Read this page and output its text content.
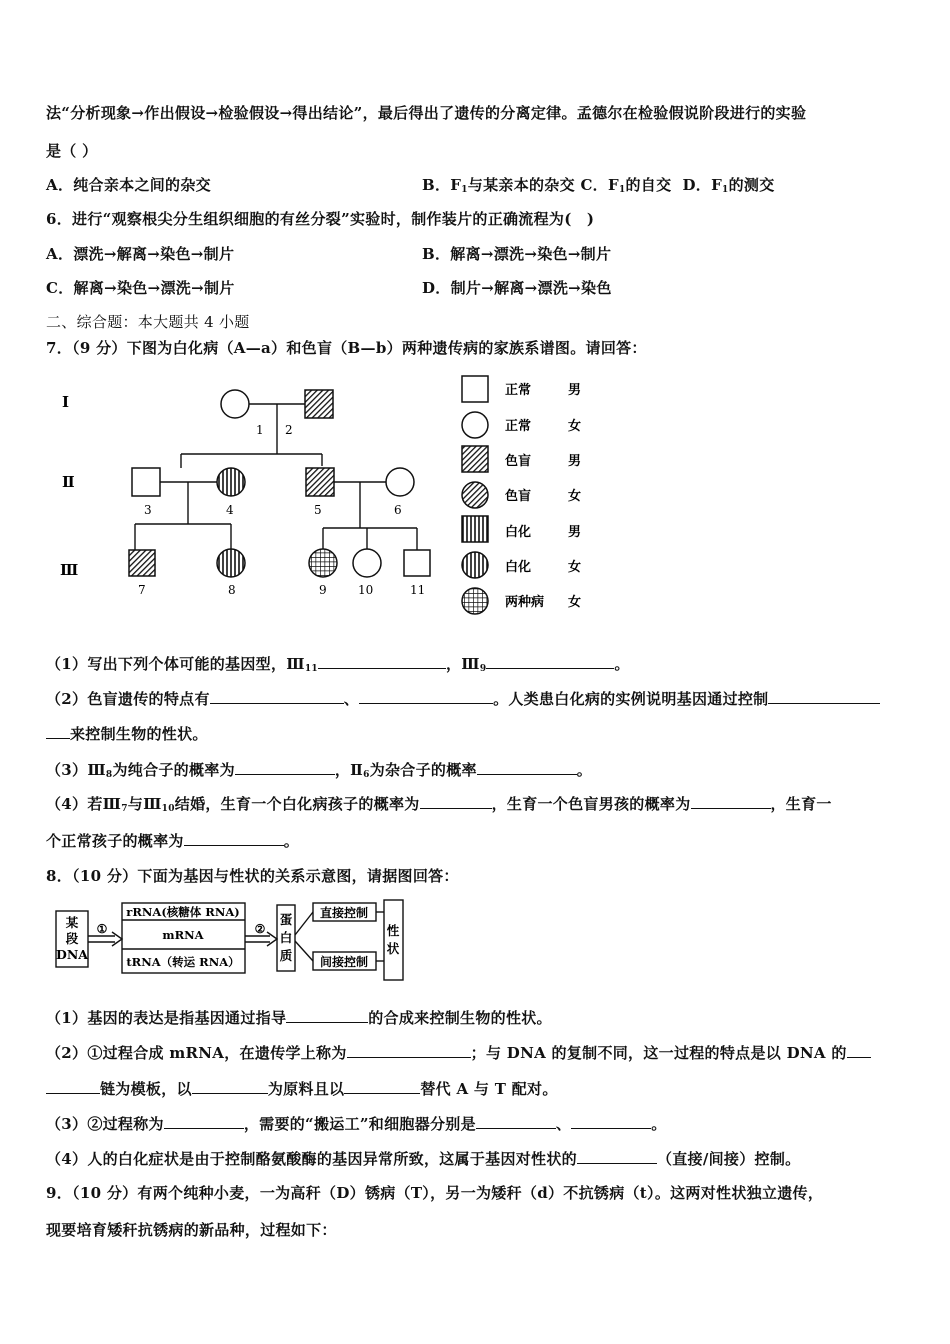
法“分析现象→作出假设→检验假设→得出结论”，最后得出了遗传的分离定律。孟德尔在检验假说阶段进行的实验
是（ ）
A．纯合亲本之间的杂交	B．$F_1$与某亲本的杂交 C．$F_1$的自交 D．$F_1$的测交
6．进行“观察根尖分生组织细胞的有丝分裂”实验时，制作装片的正确流程为(　)
A．漂洗→解离→染色→制片	B．解离→漂洗→染色→制片
C．解离→染色→漂洗→制片	D．制片→解离→漂洗→染色
二、综合题：本大题共 4 小题
7．（9 分）下图为白化病（A—a）和色盲（B—b）两种遗传病的家族系谱图。请回答：
I
Ⅱ
Ⅲ
1 2
3	4	5	6
7	8	9	10	11
正常	男
正常	女
色盲	男
色盲	女
白化	男
白化	女
两种病 女
（1）写出下列个体可能的基因型，$Ⅲ_{11}$	，$Ⅲ_9$	。
（2）色盲遗传的特点有	、	。人类患白化病的实例说明基因通过控制
来控制生物的性状。
$(3)Ⅲ_8$为纯合子的概率为	，$Ⅱ_6$为杂合子的概率	。
（4）若$Ⅲ_7$与$Ⅲ_{10}$结婚，生育一个白化病孩子的概率为	，生育一个色盲男孩的概率为	，生育一
个正常孩子的概率为	。
8．（10 分）下面为基因与性状的关系示意图，请据图回答：
某
段
DNA
①
rRNA(核糖体 RNA)
mRNA
tRNA（转运 RNA）
②
蛋
白
质
直接控制
间接控制
性
状
（1）基因的表达是指基因通过指导	的合成来控制生物的性状。
（2）①过程合成 mRNA，在遗传学上称为	；与 DNA 的复制不同，这一过程的特点是以 DNA 的
链为模板，以	为原料且以	替代 A 与 T 配对。
（3）②过程称为	，需要的“搬运工”和细胞器分别是	、	。
（4）人的白化症状是由于控制酪氨酸酶的基因异常所致，这属于基因对性状的	（直接/间接）控制。
9．（10 分）有两个纯种小麦，一为高秆（D）锈病（T），另一为矮秆（d）不抗锈病（t）。这两对性状独立遗传，
现要培育矮秆抗锈病的新品种，过程如下：
